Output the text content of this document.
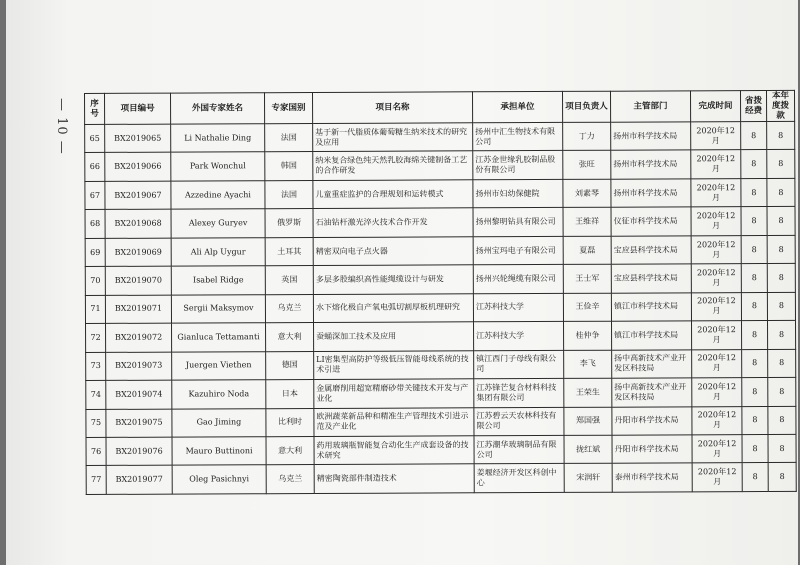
— 10 —	序号	项目编号	外国专家姓名	专家国别	项目名称	承担单位	项目负责人	主管部门	完成时间	省拨经费	本年度拨款
65	BX2019065	Li Nathalie Ding	法国	基于新一代脂质体葡萄糖生纳米技术的研究及应用	扬州中汇生物技术有限公司	丁力	扬州市科学技术局	2020年12月	8	8
66	BX2019066	Park Wonchul	韩国	纳米复合绿色纯天然乳胶海绵关键制备工艺的合作研发	江苏金世缘乳胶制品股份有限公司	张旺	扬州市科学技术局	2020年12月	8	8
67	BX2019067	Azzedine Ayachi	法国	儿童重症监护的合理规划和运转模式	扬州市妇幼保健院	刘素琴	扬州市科学技术局	2020年12月	8	8
68	BX2019068	Alexey Guryev	俄罗斯	石油钻杆激光淬火技术合作开发	扬州黎明钻具有限公司	王维祥	仪征市科学技术局	2020年12月	8	8
69	BX2019069	Ali Alp Uygur	土耳其	精密双向电子点火器	扬州宝玛电子有限公司	夏磊	宝应县科学技术局	2020年12月	8	8
70	BX2019070	Isabel Ridge	英国	多层多股编织高性能绳缆设计与研发	扬州兴轮绳缆有限公司	王士军	宝应县科学技术局	2020年12月	8	8
71	BX2019071	Sergii Maksymov	乌克兰	水下熔化极自产氧电弧切割厚板机理研究	江苏科技大学	王俭辛	镇江市科学技术局	2020年12月	8	8
72	BX2019072	Gianluca Tettamanti	意大利	蚕蛹深加工技术及应用	江苏科技大学	桂仲争	镇江市科学技术局	2020年12月	8	8
73	BX2019073	Juergen Viethen	德国	LI密集型高防护等级低压智能母线系统的技术引进	镇江西门子母线有限公司	李飞	扬中高新技术产业开发区科技局	2020年12月	8	8
74	BX2019074	Kazuhiro Noda	日本	金属磨削用超宽精磨砂带关键技术开发与产业化	江苏锋芒复合材料科技集团有限公司	王荣生	扬中高新技术产业开发区科技局	2020年12月	8	8
75	BX2019075	Gao Jiming	比利时	欧洲蔬菜新品种和精准生产管理技术引进示范及产业化	江苏碧云天农林科技有限公司	郑国强	丹阳市科学技术局	2020年12月	8	8
76	BX2019076	Mauro Buttinoni	意大利	药用玻璃瓶智能复合动化生产成套设备的技术研究	江苏潮华玻璃制品有限公司	拢红斌	丹阳市科学技术局	2020年12月	8	8
77	BX2019077	Oleg Pasichnyi	乌克兰	精密陶瓷部件制造技术	姜堰经济开发区科创中心	宋润轩	泰州市科学技术局	2020年12月	8	8
